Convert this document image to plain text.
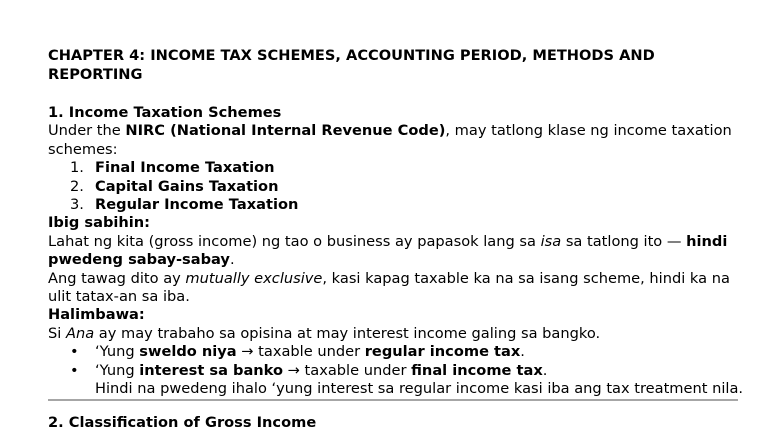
CHAPTER 4: INCOME TAX SCHEMES, ACCOUNTING PERIOD, METHODS AND REPORTING

1. Income Taxation Schemes

Under the NIRC (National Internal Revenue Code), may tatlong klase ng income taxation schemes:

1. Final Income Taxation
2. Capital Gains Taxation
3. Regular Income Taxation

Ibig sabihin:

Lahat ng kita (gross income) ng tao o business ay papasok lang sa isa sa tatlong ito — hindi pwedeng sabay-sabay.

Ang tawag dito ay mutually exclusive, kasi kapag taxable ka na sa isang scheme, hindi ka na ulit tatax-an sa iba.

Halimbawa:

Si Ana ay may trabaho sa opisina at may interest income galing sa bangko.

• ‘Yung sweldo niya → taxable under regular income tax.
• ‘Yung interest sa banko → taxable under final income tax.
Hindi na pwedeng ihalo ‘yung interest sa regular income kasi iba ang tax treatment nila.

2. Classification of Gross Income
